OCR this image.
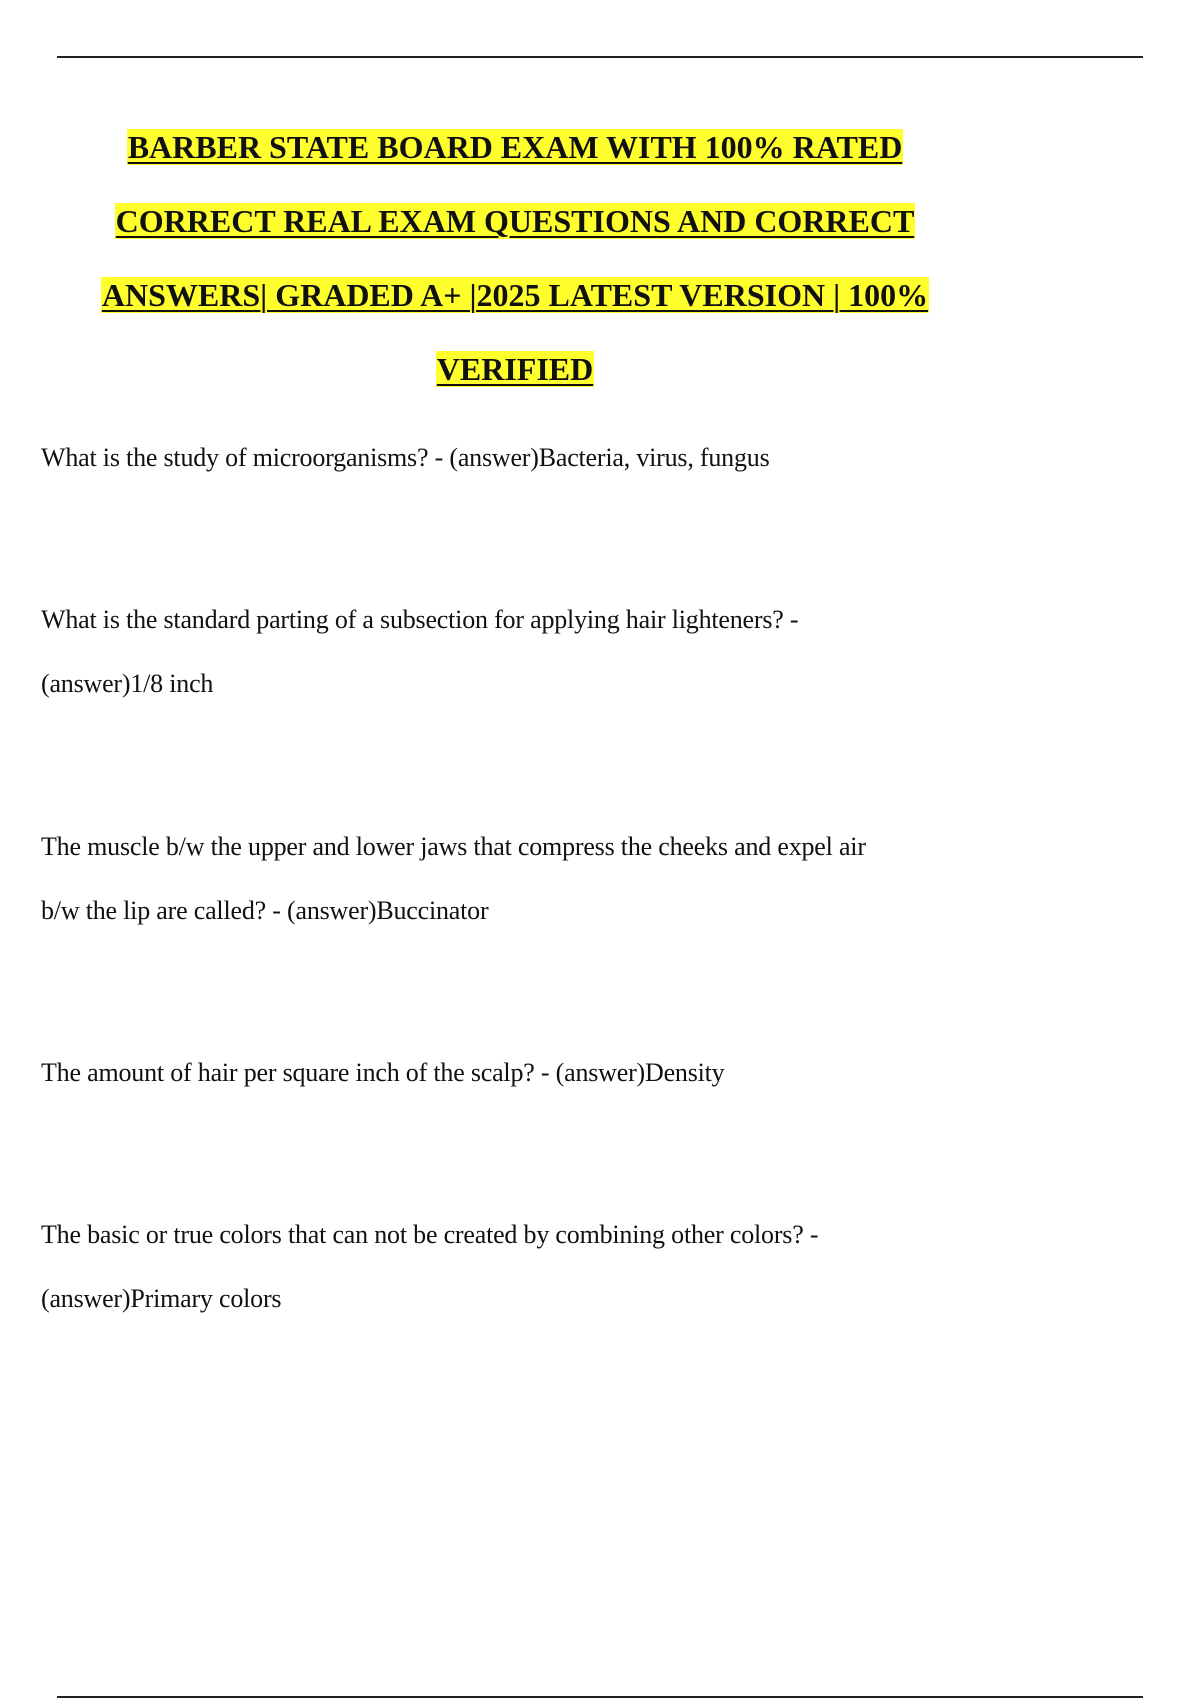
BARBER STATE BOARD EXAM WITH 100% RATED
CORRECT REAL EXAM QUESTIONS AND CORRECT
ANSWERS| GRADED A+ |2025 LATEST VERSION | 100%
VERIFIED
What is the study of microorganisms? - (answer)Bacteria, virus, fungus
What is the standard parting of a subsection for applying hair lighteners? -
(answer)1/8 inch
The muscle b/w the upper and lower jaws that compress the cheeks and expel air
b/w the lip are called? - (answer)Buccinator
The amount of hair per square inch of the scalp? - (answer)Density
The basic or true colors that can not be created by combining other colors? -
(answer)Primary colors
